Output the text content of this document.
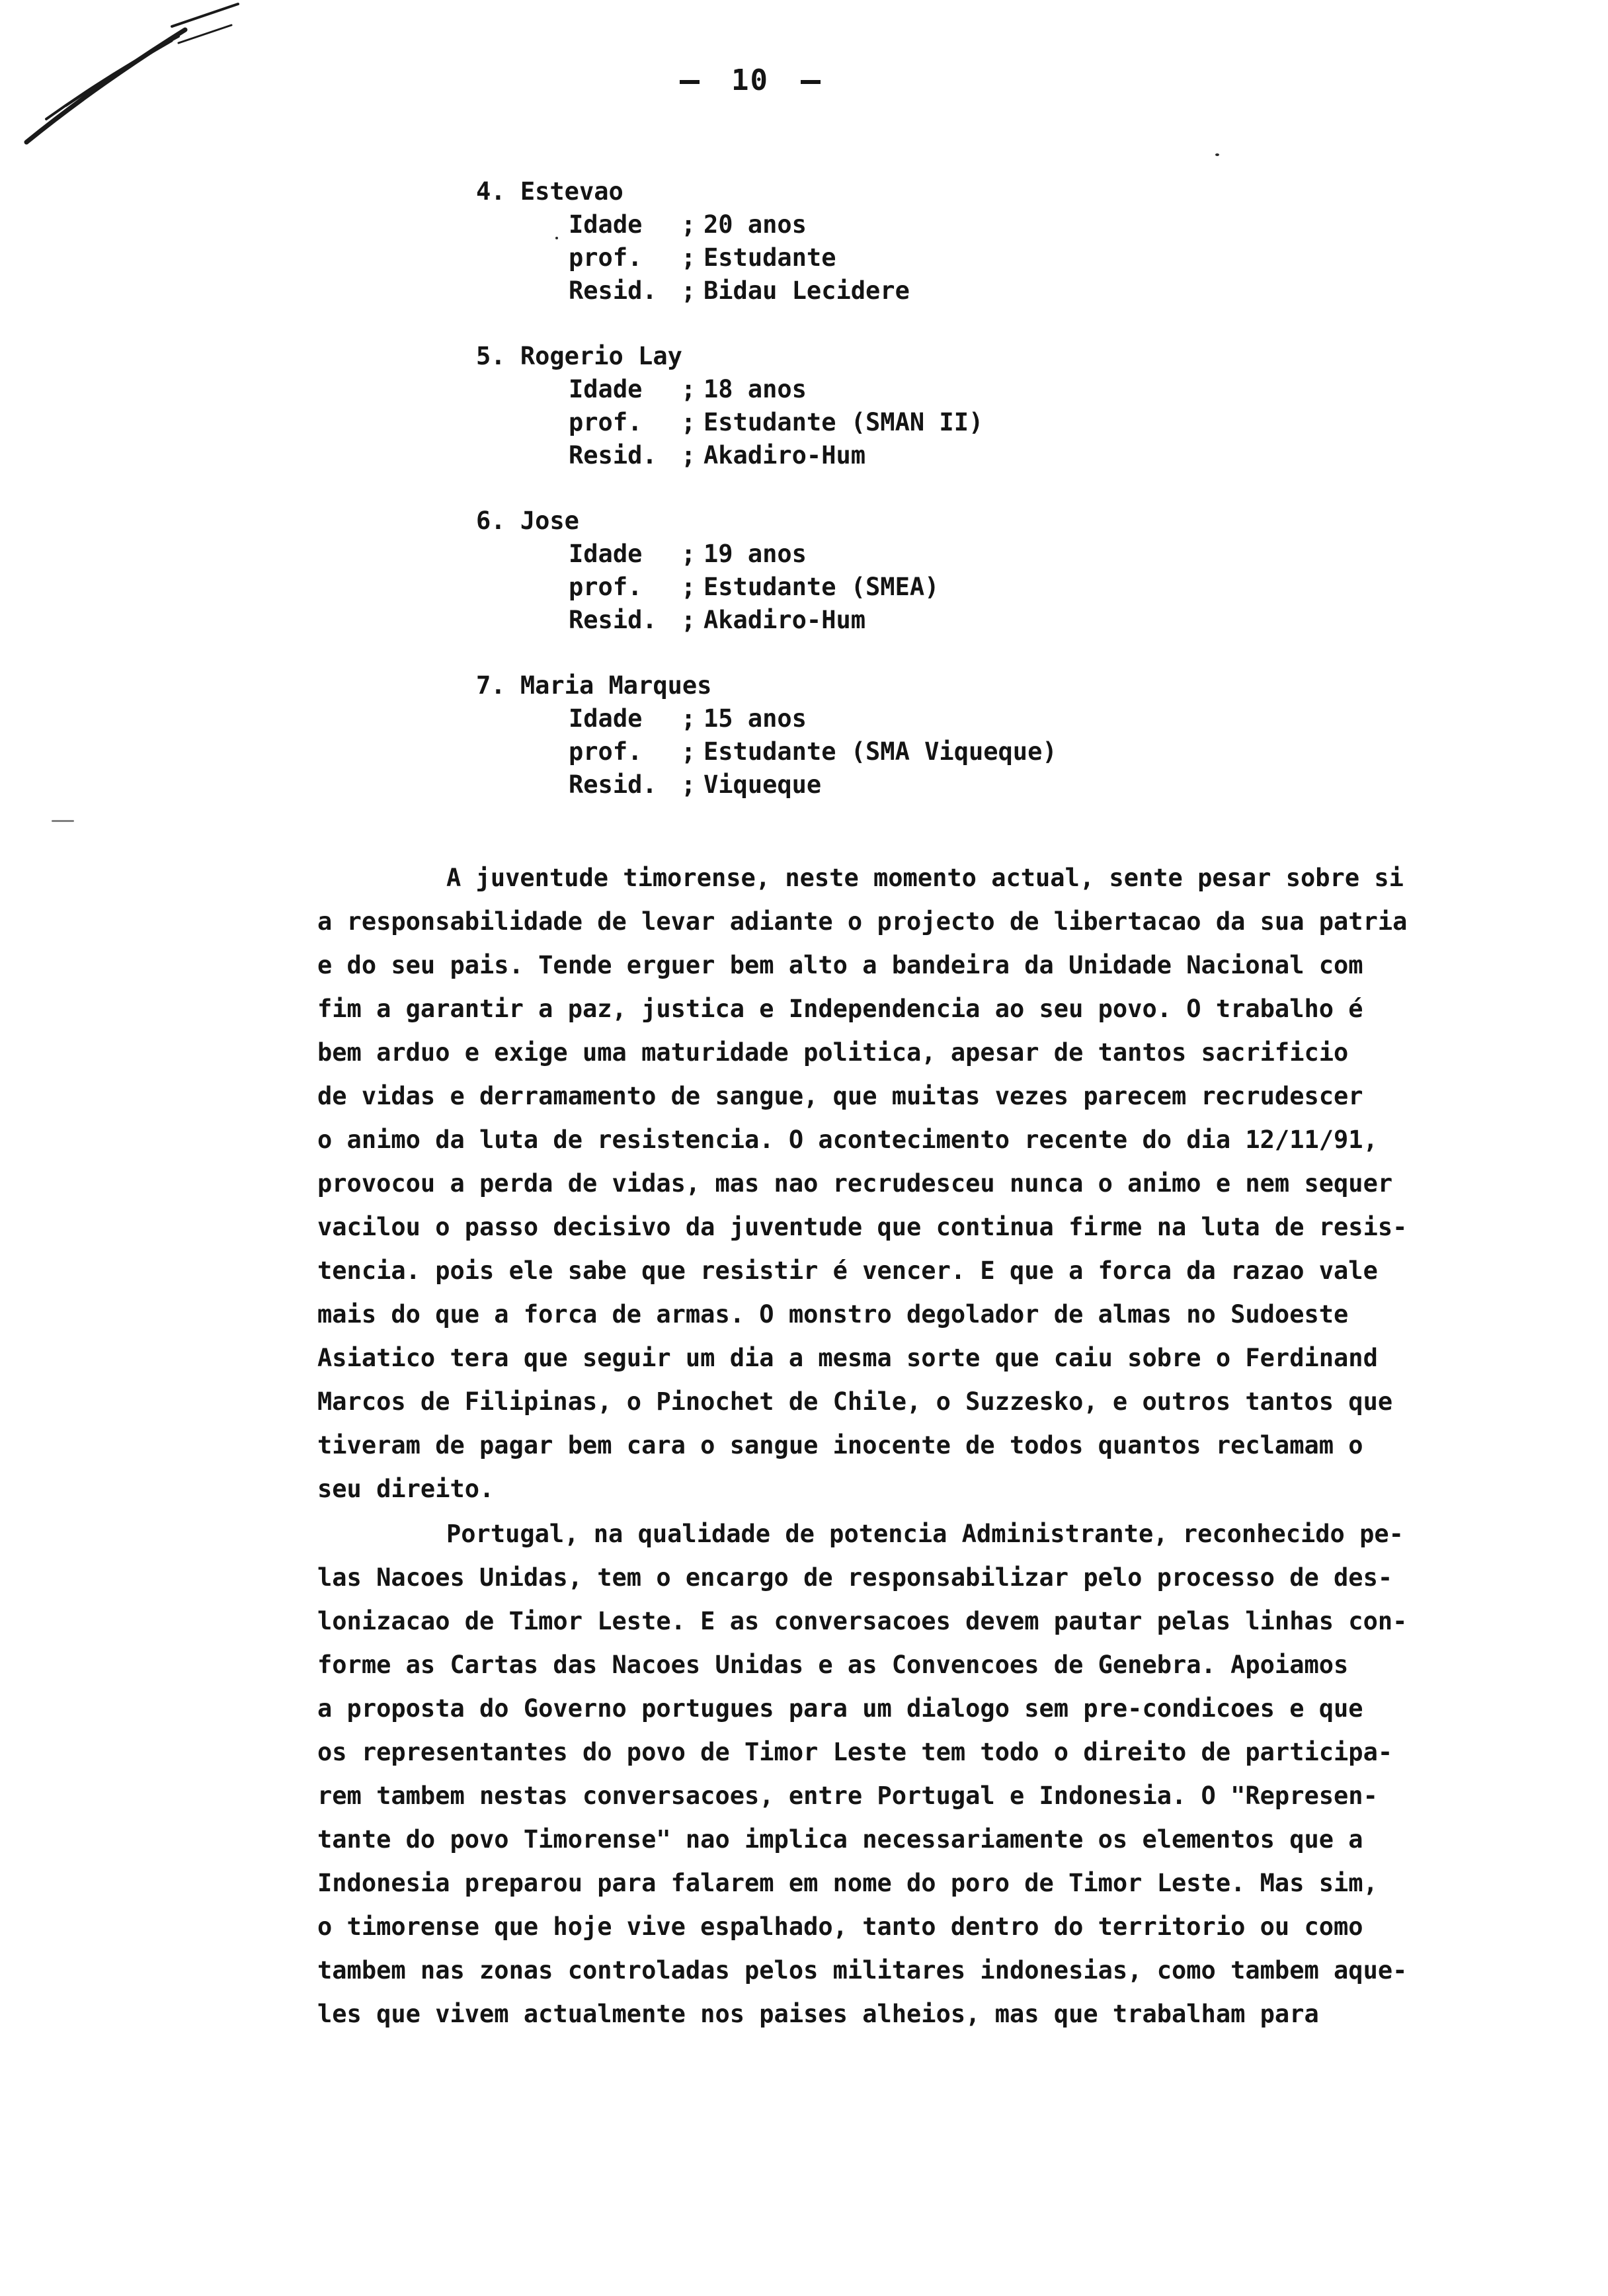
10
4. Estevao
Idade ; 20 anos
prof. ; Estudante
Resid. ; Bidau Lecidere
5. Rogerio Lay
Idade ; 18 anos
prof. ; Estudante (SMAN II)
Resid. ; Akadiro-Hum
6. Jose
Idade ; 19 anos
prof. ; Estudante (SMEA)
Resid. ; Akadiro-Hum
7. Maria Marques
Idade ; 15 anos
prof. ; Estudante (SMA Viqueque)
Resid. ; Viqueque

A juventude timorense, neste momento actual, sente pesar sobre si
a responsabilidade de levar adiante o projecto de libertacao da sua patria
e do seu pais. Tende erguer bem alto a bandeira da Unidade Nacional com
fim a garantir a paz, justica e Independencia ao seu povo. O trabalho é
bem arduo e exige uma maturidade politica, apesar de tantos sacrificio
de vidas e derramamento de sangue, que muitas vezes parecem recrudescer
o animo da luta de resistencia. O acontecimento recente do dia 12/11/91,
provocou a perda de vidas, mas nao recrudesceu nunca o animo e nem sequer
vacilou o passo decisivo da juventude que continua firme na luta de resis-
tencia. pois ele sabe que resistir é vencer. E que a forca da razao vale
mais do que a forca de armas. O monstro degolador de almas no Sudoeste
Asiatico tera que seguir um dia a mesma sorte que caiu sobre o Ferdinand
Marcos de Filipinas, o Pinochet de Chile, o Suzzesko, e outros tantos que
tiveram de pagar bem cara o sangue inocente de todos quantos reclamam o
seu direito.

Portugal, na qualidade de potencia Administrante, reconhecido pe-
las Nacoes Unidas, tem o encargo de responsabilizar pelo processo de des-
lonizacao de Timor Leste. E as conversacoes devem pautar pelas linhas con-
forme as Cartas das Nacoes Unidas e as Convencoes de Genebra. Apoiamos
a proposta do Governo portugues para um dialogo sem pre-condicoes e que
os representantes do povo de Timor Leste tem todo o direito de participa-
rem tambem nestas conversacoes, entre Portugal e Indonesia. O "Represen-
tante do povo Timorense" nao implica necessariamente os elementos que a
Indonesia preparou para falarem em nome do poro de Timor Leste. Mas sim,
o timorense que hoje vive espalhado, tanto dentro do territorio ou como
tambem nas zonas controladas pelos militares indonesias, como tambem aque-
les que vivem actualmente nos paises alheios, mas que trabalham para
